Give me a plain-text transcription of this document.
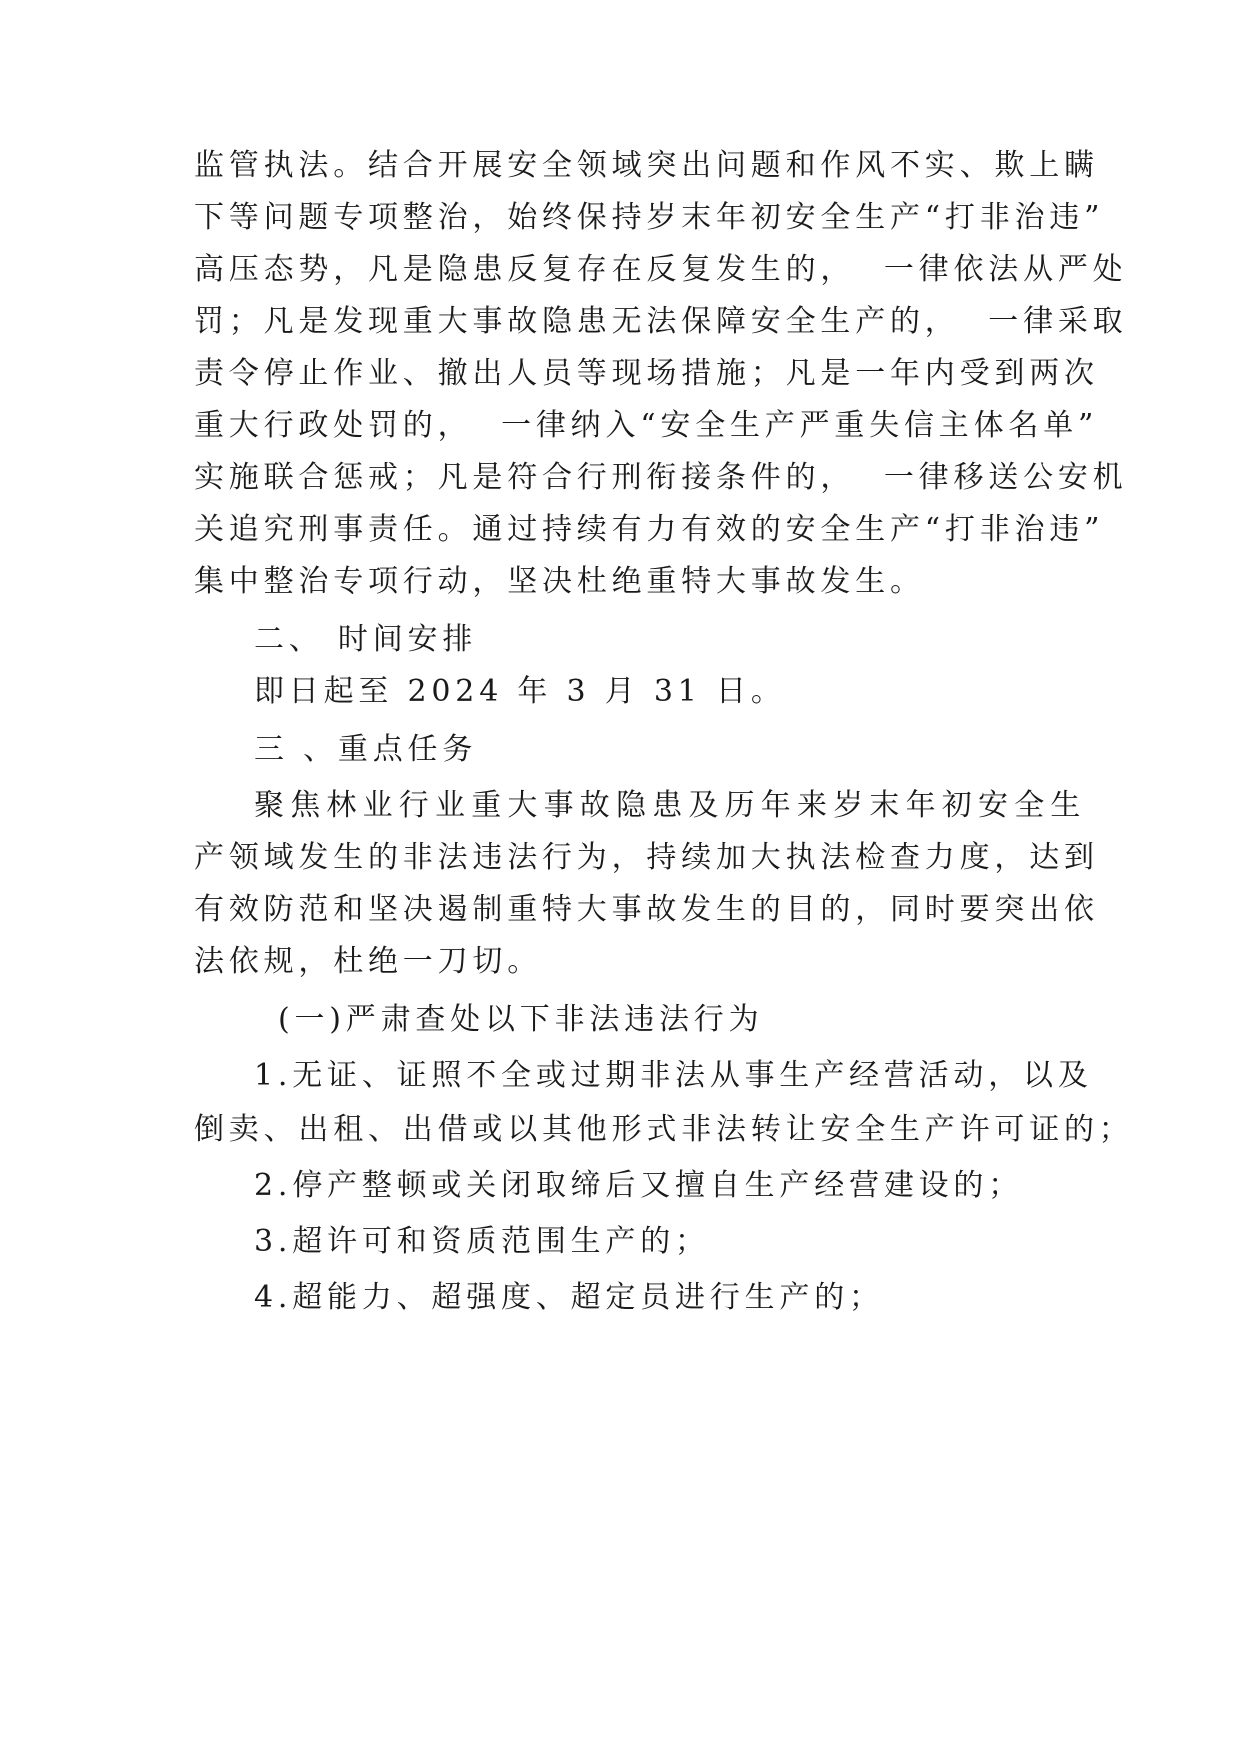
监管执法。结合开展安全领域突出问题和作风不实、欺上瞒

下等问题专项整治，始终保持岁末年初安全生产“打非治违”

高压态势，凡是隐患反复存在反复发生的，  一律依法从严处

罚；凡是发现重大事故隐患无法保障安全生产的，  一律采取

责令停止作业、撤出人员等现场措施；凡是一年内受到两次

重大行政处罚的，  一律纳入“安全生产严重失信主体名单”

实施联合惩戒；凡是符合行刑衔接条件的，  一律移送公安机

关追究刑事责任。通过持续有力有效的安全生产“打非治违”

集中整治专项行动，坚决杜绝重特大事故发生。

二、 时间安排

即日起至 2024 年 3 月 31 日。

三 、重点任务

聚焦林业行业重大事故隐患及历年来岁末年初安全生

产领域发生的非法违法行为，持续加大执法检查力度，达到

有效防范和坚决遏制重特大事故发生的目的，同时要突出依

法依规，杜绝一刀切。

(一)严肃查处以下非法违法行为

1.无证、证照不全或过期非法从事生产经营活动，以及

倒卖、出租、出借或以其他形式非法转让安全生产许可证的；

2.停产整顿或关闭取缔后又擅自生产经营建设的；

3.超许可和资质范围生产的；

4.超能力、超强度、超定员进行生产的；
